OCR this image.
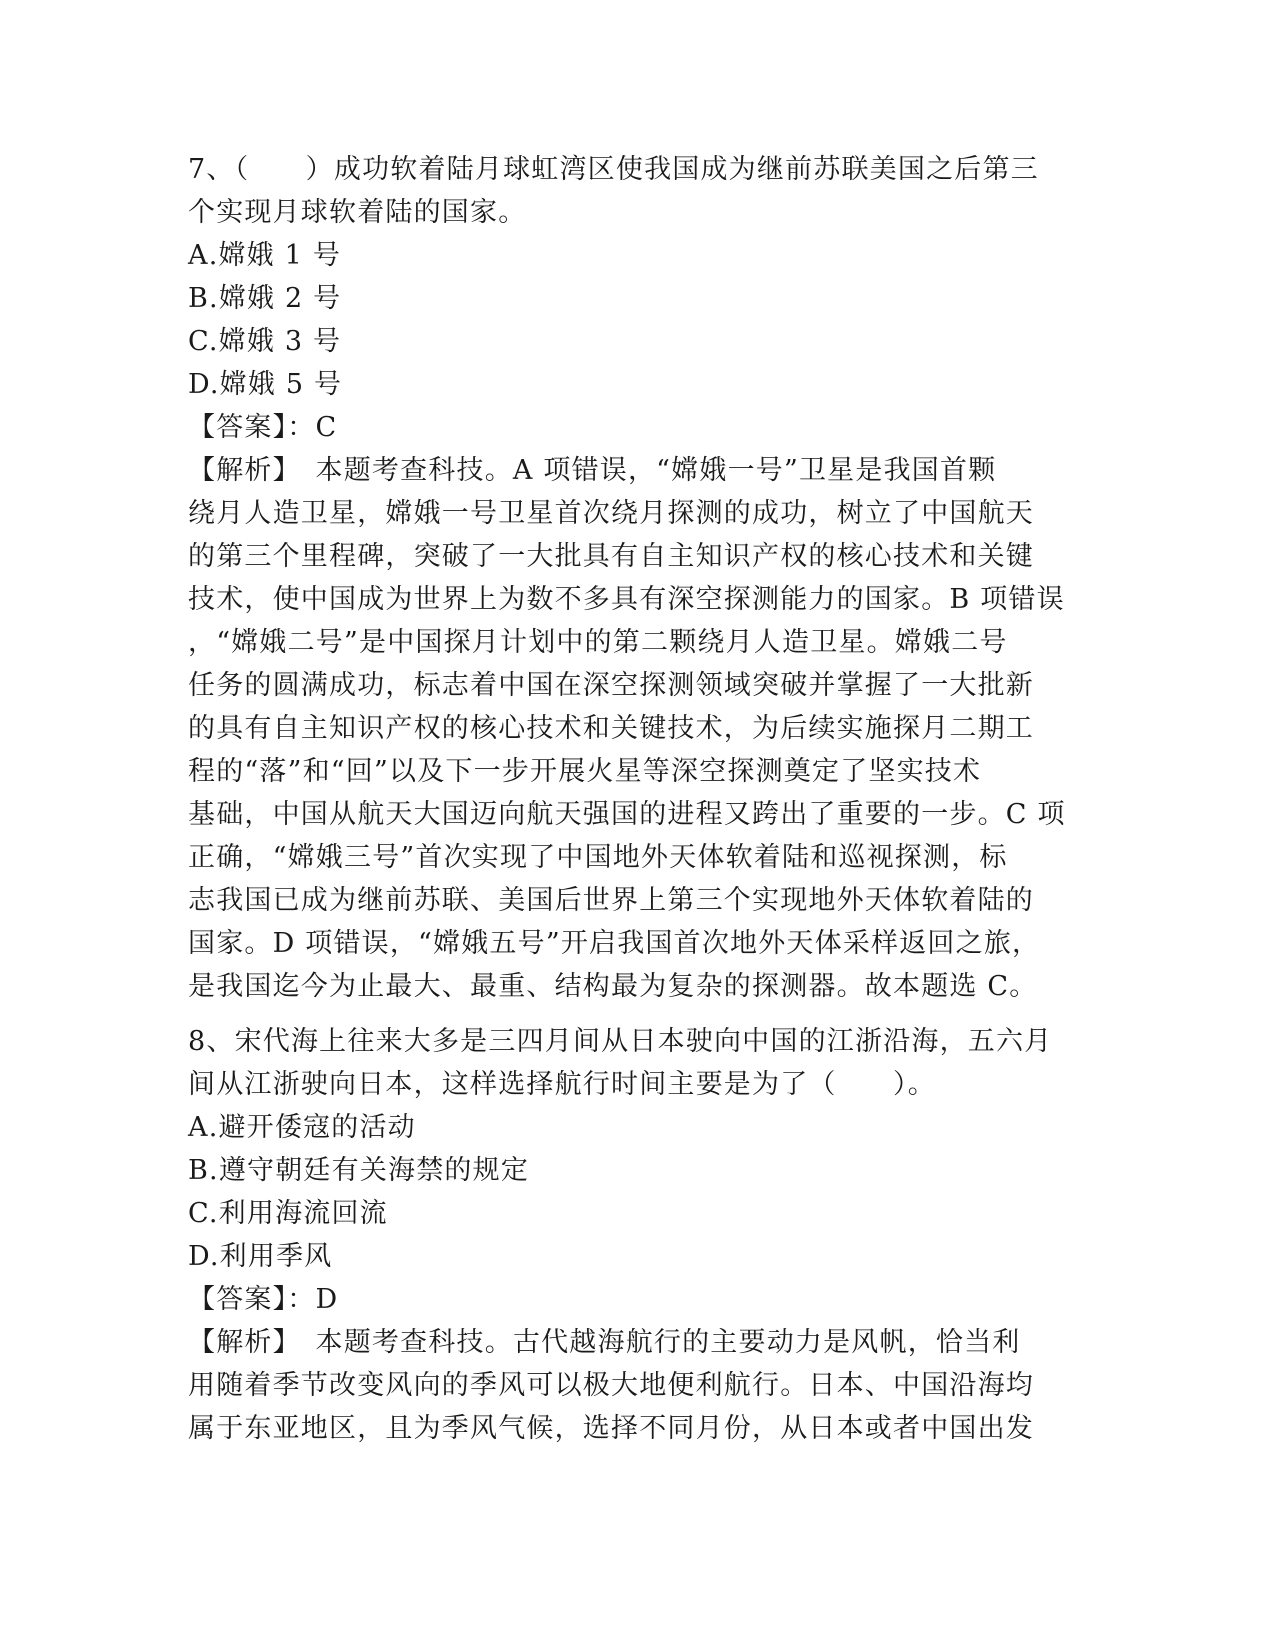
7、（　　）成功软着陆月球虹湾区使我国成为继前苏联美国之后第三
个实现月球软着陆的国家。
A.嫦娥 1 号
B.嫦娥 2 号
C.嫦娥 3 号
D.嫦娥 5 号
【答案】：C
【解析】　本题考查科技。A 项错误，“嫦娥一号”卫星是我国首颗
绕月人造卫星，嫦娥一号卫星首次绕月探测的成功，树立了中国航天
的第三个里程碑，突破了一大批具有自主知识产权的核心技术和关键
技术，使中国成为世界上为数不多具有深空探测能力的国家。B 项错误
，“嫦娥二号”是中国探月计划中的第二颗绕月人造卫星。嫦娥二号
任务的圆满成功，标志着中国在深空探测领域突破并掌握了一大批新
的具有自主知识产权的核心技术和关键技术，为后续实施探月二期工
程的“落”和“回”以及下一步开展火星等深空探测奠定了坚实技术
基础，中国从航天大国迈向航天强国的进程又跨出了重要的一步。C 项
正确，“嫦娥三号”首次实现了中国地外天体软着陆和巡视探测，标
志我国已成为继前苏联、美国后世界上第三个实现地外天体软着陆的
国家。D 项错误，“嫦娥五号”开启我国首次地外天体采样返回之旅，
是我国迄今为止最大、最重、结构最为复杂的探测器。故本题选 C。
8、宋代海上往来大多是三四月间从日本驶向中国的江浙沿海，五六月
间从江浙驶向日本，这样选择航行时间主要是为了（　　）。
A.避开倭寇的活动
B.遵守朝廷有关海禁的规定
C.利用海流回流
D.利用季风
【答案】：D
【解析】　本题考查科技。古代越海航行的主要动力是风帆，恰当利
用随着季节改变风向的季风可以极大地便利航行。日本、中国沿海均
属于东亚地区，且为季风气候，选择不同月份，从日本或者中国出发
